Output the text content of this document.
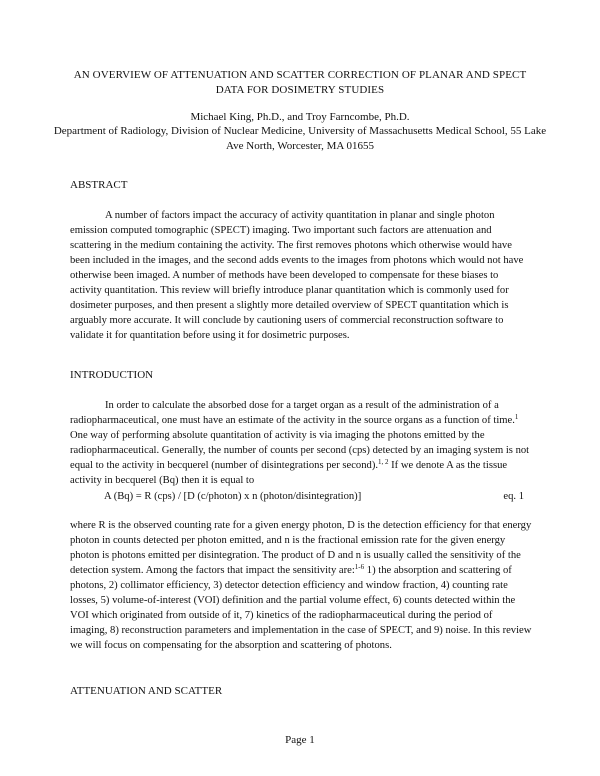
AN OVERVIEW OF ATTENUATION AND SCATTER CORRECTION OF PLANAR AND SPECT DATA FOR DOSIMETRY STUDIES
Michael King, Ph.D., and Troy Farncombe, Ph.D.
Department of Radiology, Division of Nuclear Medicine, University of Massachusetts Medical School, 55 Lake Ave North, Worcester, MA 01655
ABSTRACT

A number of factors impact the accuracy of activity quantitation in planar and single photon emission computed tomographic (SPECT) imaging. Two important such factors are attenuation and scattering in the medium containing the activity. The first removes photons which otherwise would have been included in the images, and the second adds events to the images from photons which would not have otherwise been imaged. A number of methods have been developed to compensate for these biases to activity quantitation. This review will briefly introduce planar quantitation which is commonly used for dosimeter purposes, and then present a slightly more detailed overview of SPECT quantitation which is arguably more accurate. It will conclude by cautioning users of commercial reconstruction software to validate it for quantitation before using it for dosimetric purposes.

INTRODUCTION

In order to calculate the absorbed dose for a target organ as a result of the administration of a radiopharmaceutical, one must have an estimate of the activity in the source organs as a function of time.$^1$ One way of performing absolute quantitation of activity is via imaging the photons emitted by the radiopharmaceutical. Generally, the number of counts per second (cps) detected by an imaging system is not equal to the activity in becquerel (number of disintegrations per second).$^{1, 2}$ If we denote A as the tissue activity in becquerel (Bq) then it is equal to

A (Bq) = R (cps) / [D (c/photon) x n (photon/disintegration)]	eq. 1

where R is the observed counting rate for a given energy photon, D is the detection efficiency for that energy photon in counts detected per photon emitted, and n is the fractional emission rate for the given energy photon is photons emitted per disintegration. The product of D and n is usually called the sensitivity of the detection system. Among the factors that impact the sensitivity are:$^{1-6}$ 1) the absorption and scattering of photons, 2) collimator efficiency, 3) detector detection efficiency and window fraction, 4) counting rate losses, 5) volume-of-interest (VOI) definition and the partial volume effect, 6) counts detected within the VOI which originated from outside of it, 7) kinetics of the radiopharmaceutical during the period of imaging, 8) reconstruction parameters and implementation in the case of SPECT, and 9) noise. In this review we will focus on compensating for the absorption and scattering of photons.

ATTENUATION AND SCATTER
Page 1
